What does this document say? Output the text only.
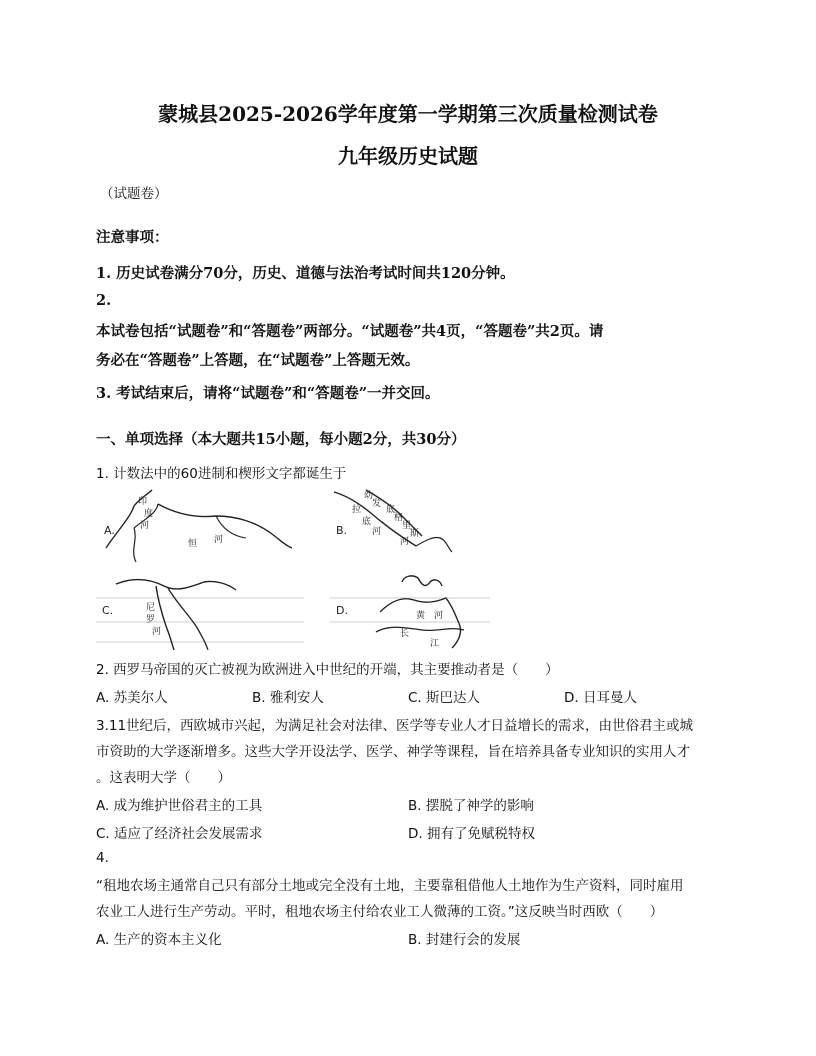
蒙城县2025-2026学年度第一学期第三次质量检测试卷
九年级历史试题
（试题卷）
注意事项：
1. 历史试卷满分70分，历史、道德与法治考试时间共120分钟。
2.
本试卷包括“试题卷”和“答题卷”两部分。“试题卷”共4页，“答题卷”共2页。请
务必在“答题卷”上答题，在“试题卷”上答题无效。
3. 考试结束后，请将“试题卷”和“答题卷”一并交回。
一、单项选择（本大题共15小题，每小题2分，共30分）
1. 计数法中的60进制和楔形文字都诞生于
A.
印
度
河
恒 河
B.
幼
发
拉
底
河
底
格
里
斯
河
C.	尼
罗
河
D.	黄 河
长
江
2. 西罗马帝国的灭亡被视为欧洲进入中世纪的开端，其主要推动者是（　　）
A. 苏美尔人	B. 雅利安人	C. 斯巴达人	D. 日耳曼人
3.11世纪后，西欧城市兴起，为满足社会对法律、医学等专业人才日益增长的需求，由世俗君主或城
市资助的大学逐渐增多。这些大学开设法学、医学、神学等课程，旨在培养具备专业知识的实用人才
。这表明大学（　　）
A. 成为维护世俗君主的工具	B. 摆脱了神学的影响
C. 适应了经济社会发展需求	D. 拥有了免赋税特权
4.
“租地农场主通常自己只有部分土地或完全没有土地，主要靠租借他人土地作为生产资料，同时雇用
农业工人进行生产劳动。平时，租地农场主付给农业工人微薄的工资。”这反映当时西欧（　　）
A. 生产的资本主义化	B. 封建行会的发展
